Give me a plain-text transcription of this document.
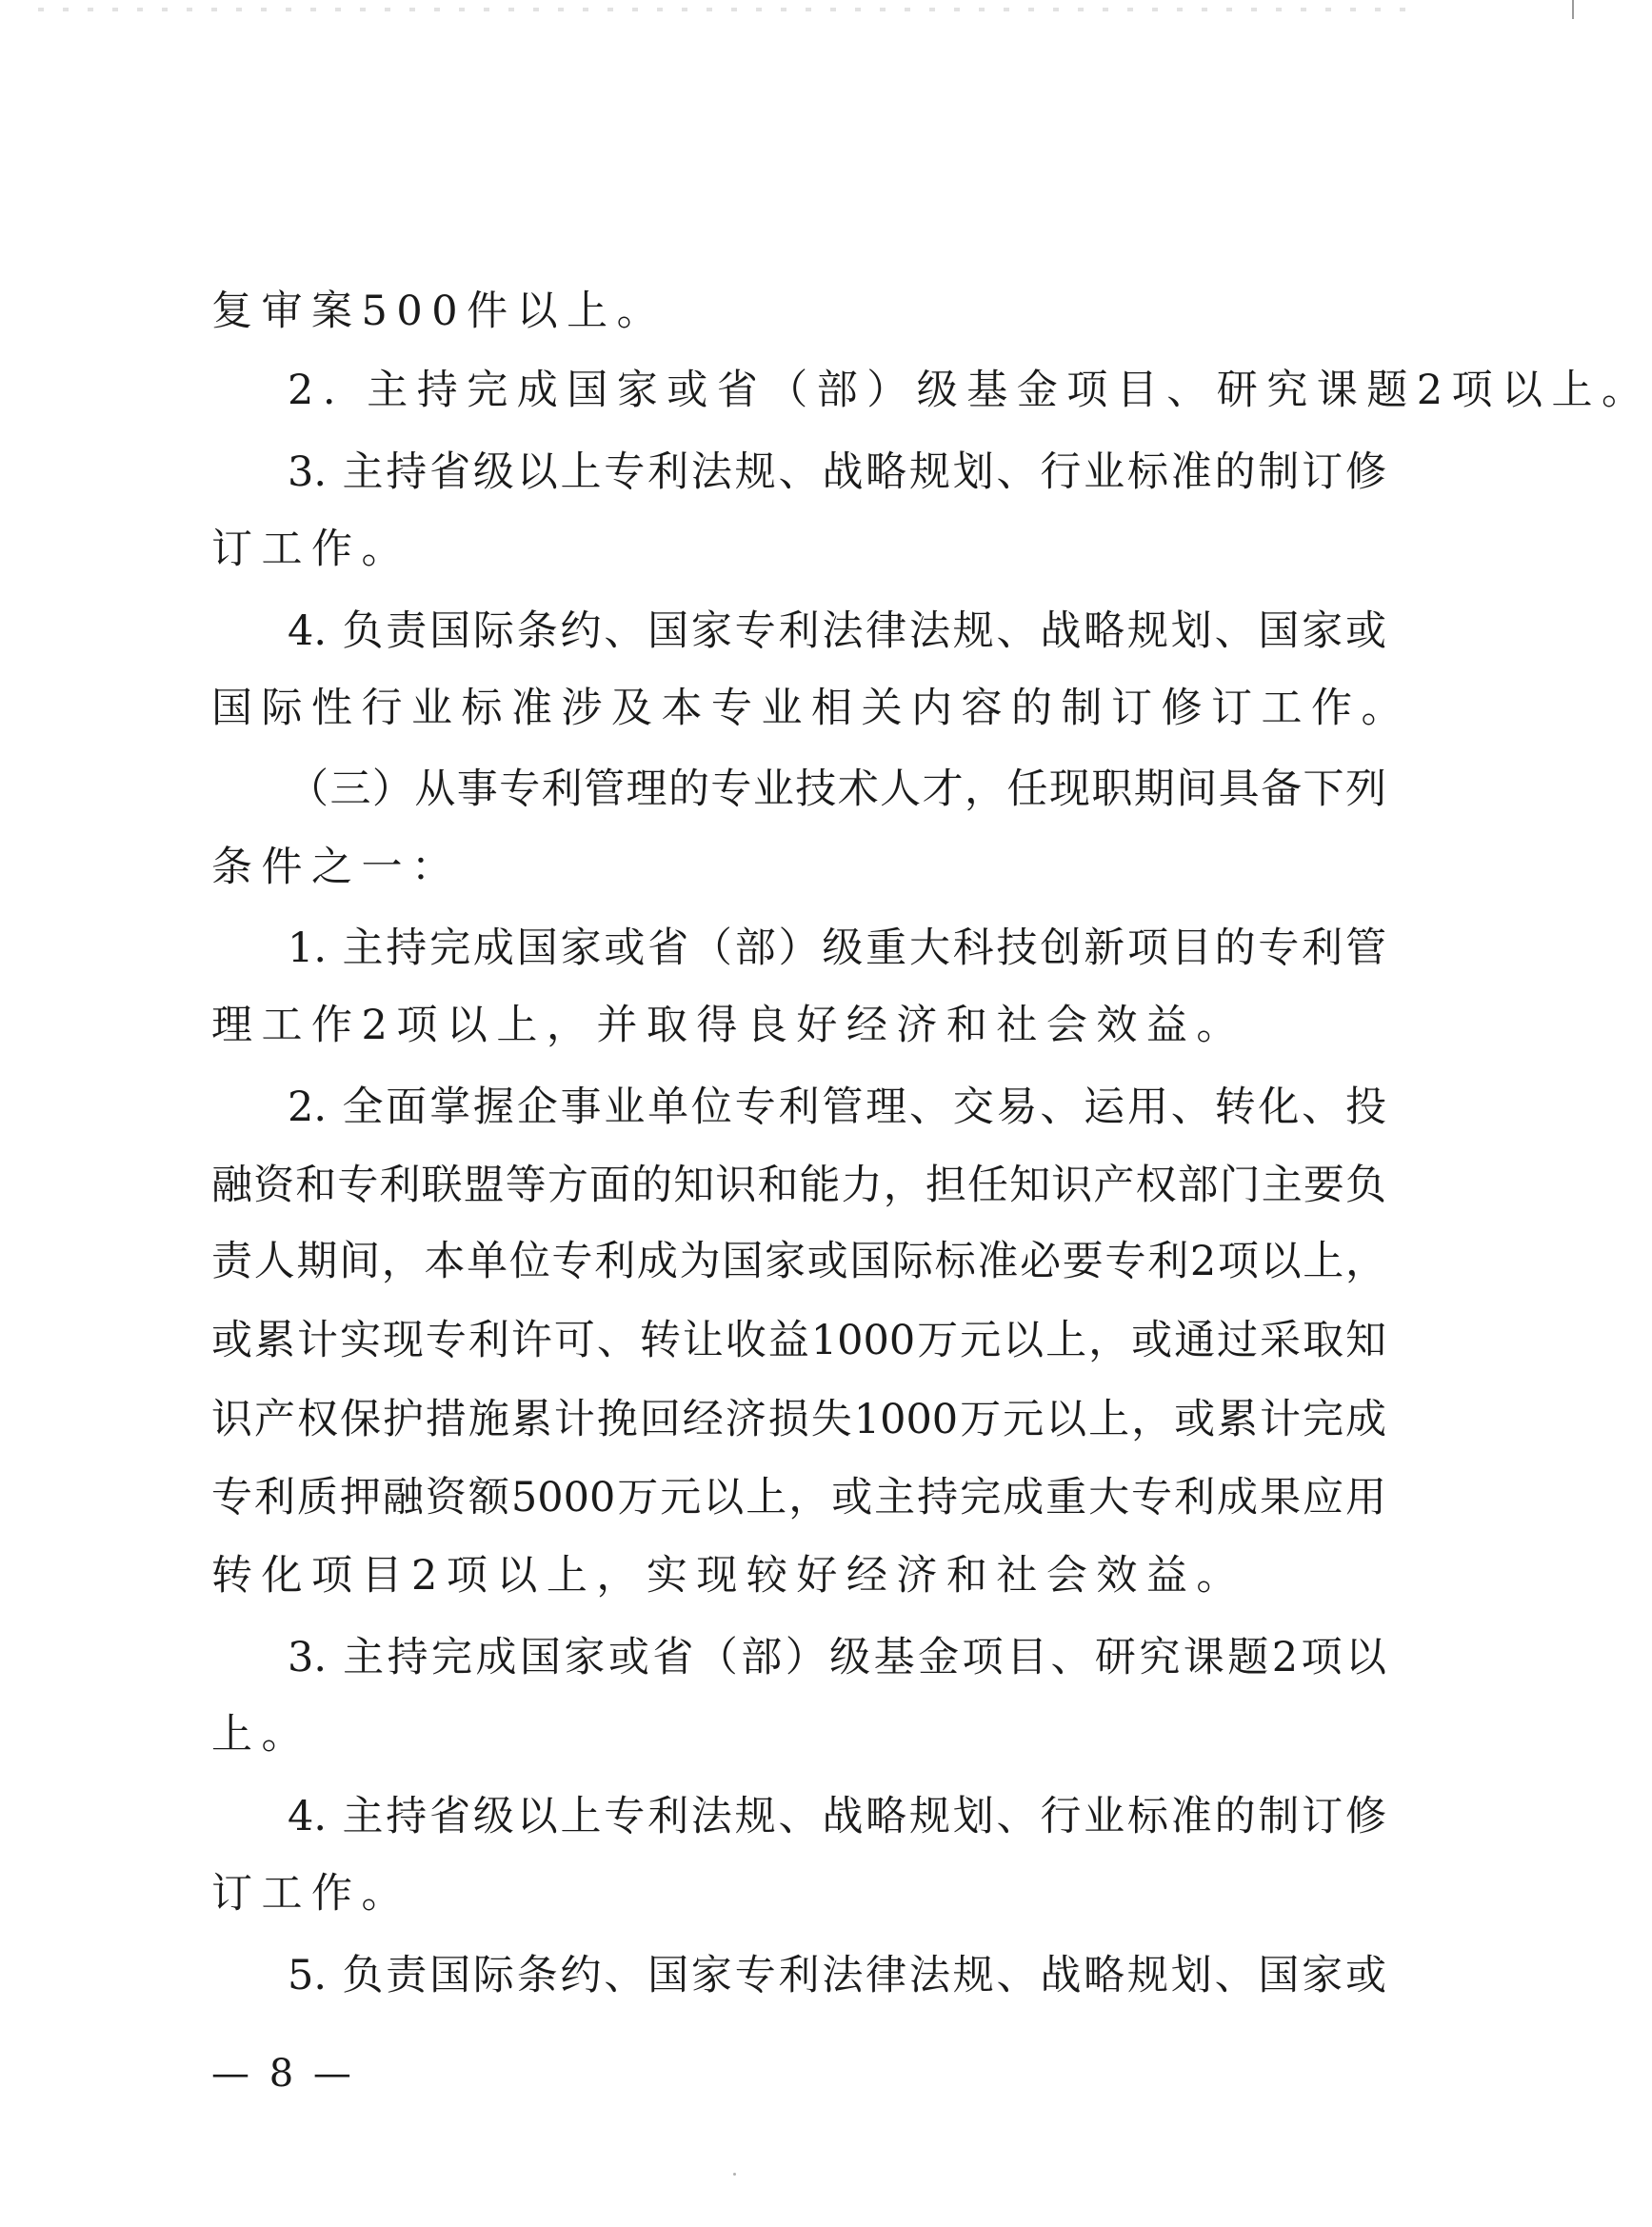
复审案500件以上。
2. 主持完成国家或省（部）级基金项目、研究课题2项以上。
3. 主持省级以上专利法规、战略规划、行业标准的制订修
订工作。
4. 负责国际条约、国家专利法律法规、战略规划、国家或
国际性行业标准涉及本专业相关内容的制订修订工作。
（三）从事专利管理的专业技术人才，任现职期间具备下列
条件之一：
1. 主持完成国家或省（部）级重大科技创新项目的专利管
理工作2项以上，并取得良好经济和社会效益。
2. 全面掌握企事业单位专利管理、交易、运用、转化、投
融资和专利联盟等方面的知识和能力，担任知识产权部门主要负
责人期间，本单位专利成为国家或国际标准必要专利2项以上，
或累计实现专利许可、转让收益1000万元以上，或通过采取知
识产权保护措施累计挽回经济损失1000万元以上，或累计完成
专利质押融资额5000万元以上，或主持完成重大专利成果应用
转化项目2项以上，实现较好经济和社会效益。
3. 主持完成国家或省（部）级基金项目、研究课题2项以
上。
4. 主持省级以上专利法规、战略规划、行业标准的制订修
订工作。
5. 负责国际条约、国家专利法律法规、战略规划、国家或
— 8 —
